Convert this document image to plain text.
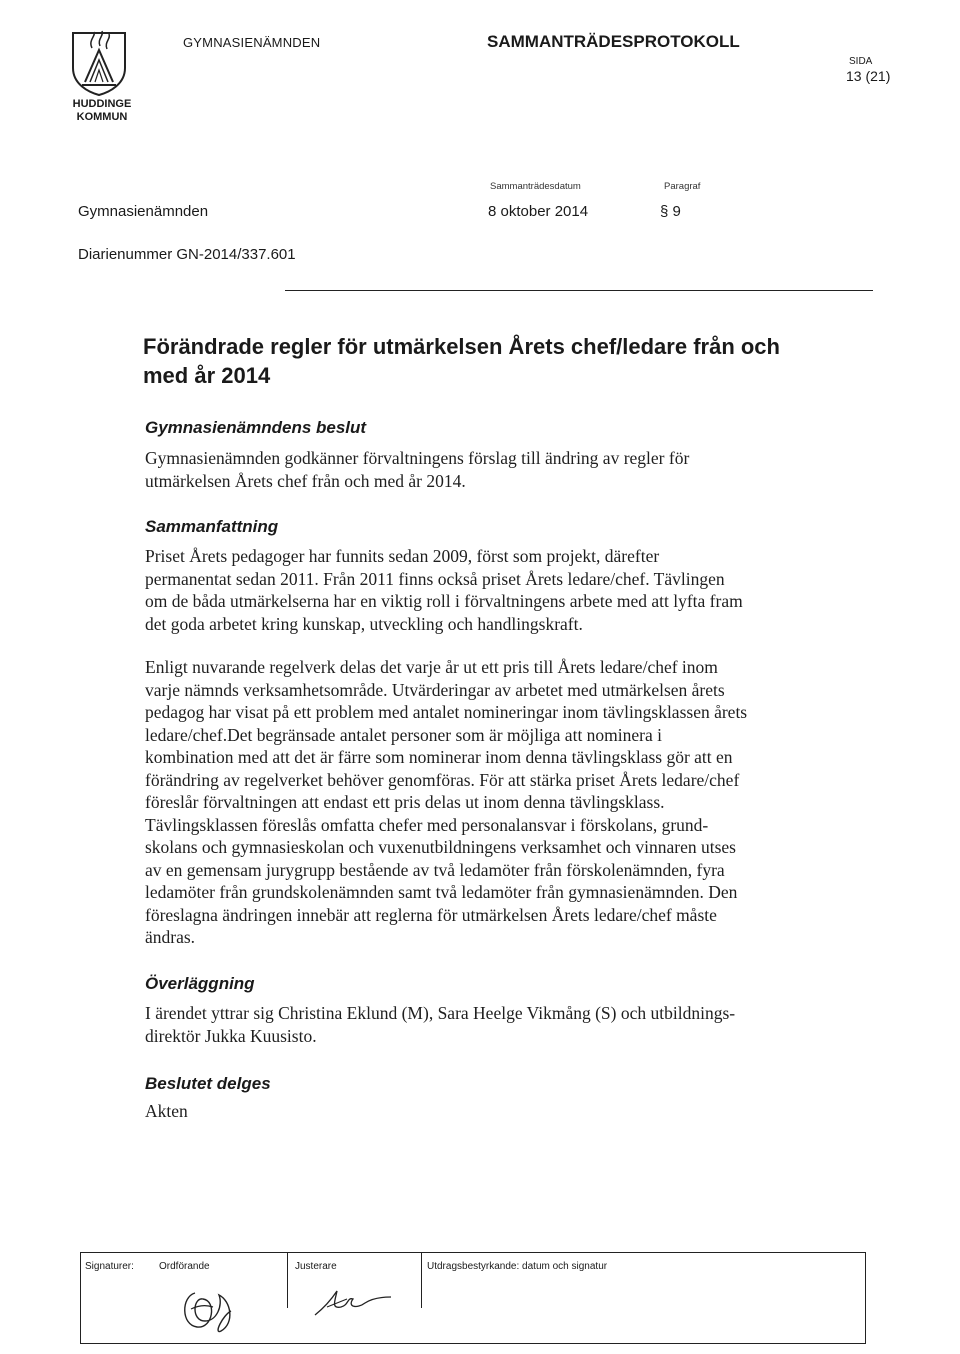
HUDDINGE
KOMMUN
GYMNASIENÄMNDEN	SAMMANTRÄDESPROTOKOLL
SIDA
13 (21)
Sammanträdesdatum	Paragraf
Gymnasienämnden	8 oktober 2014	§ 9
Diarienummer GN-2014/337.601
Förändrade regler för utmärkelsen Årets chef/ledare från och
med år 2014
Gymnasienämndens beslut

Gymnasienämnden godkänner förvaltningens förslag till ändring av regler för

utmärkelsen Årets chef från och med år 2014.

Sammanfattning

Priset Årets pedagoger har funnits sedan 2009, först som projekt, därefter

permanentat sedan 2011. Från 2011 finns också priset Årets ledare/chef. Tävlingen

om de båda utmärkelserna har en viktig roll i förvaltningens arbete med att lyfta fram

det goda arbetet kring kunskap, utveckling och handlingskraft.

Enligt nuvarande regelverk delas det varje år ut ett pris till Årets ledare/chef inom

varje nämnds verksamhetsområde. Utvärderingar av arbetet med utmärkelsen årets

pedagog har visat på ett problem med antalet nomineringar inom tävlingsklassen årets

ledare/chef.Det begränsade antalet personer som är möjliga att nominera i

kombination med att det är färre som nominerar inom denna tävlingsklass gör att en

förändring av regelverket behöver genomföras. För att stärka priset Årets ledare/chef

föreslår förvaltningen att endast ett pris delas ut inom denna tävlingsklass.

Tävlingsklassen föreslås omfatta chefer med personalansvar i förskolans, grund-

skolans och gymnasieskolan och vuxenutbildningens verksamhet och vinnaren utses

av en gemensam jurygrupp bestående av två ledamöter från förskolenämnden, fyra

ledamöter från grundskolenämnden samt två ledamöter från gymnasienämnden. Den

föreslagna ändringen innebär att reglerna för utmärkelsen Årets ledare/chef måste

ändras.

Överläggning

I ärendet yttrar sig Christina Eklund (M), Sara Heelge Vikmång (S) och utbildnings-

direktör Jukka Kuusisto.

Beslutet delges

Akten

Signaturer:	Ordförande	Justerare	Utdragsbestyrkande: datum och signatur
